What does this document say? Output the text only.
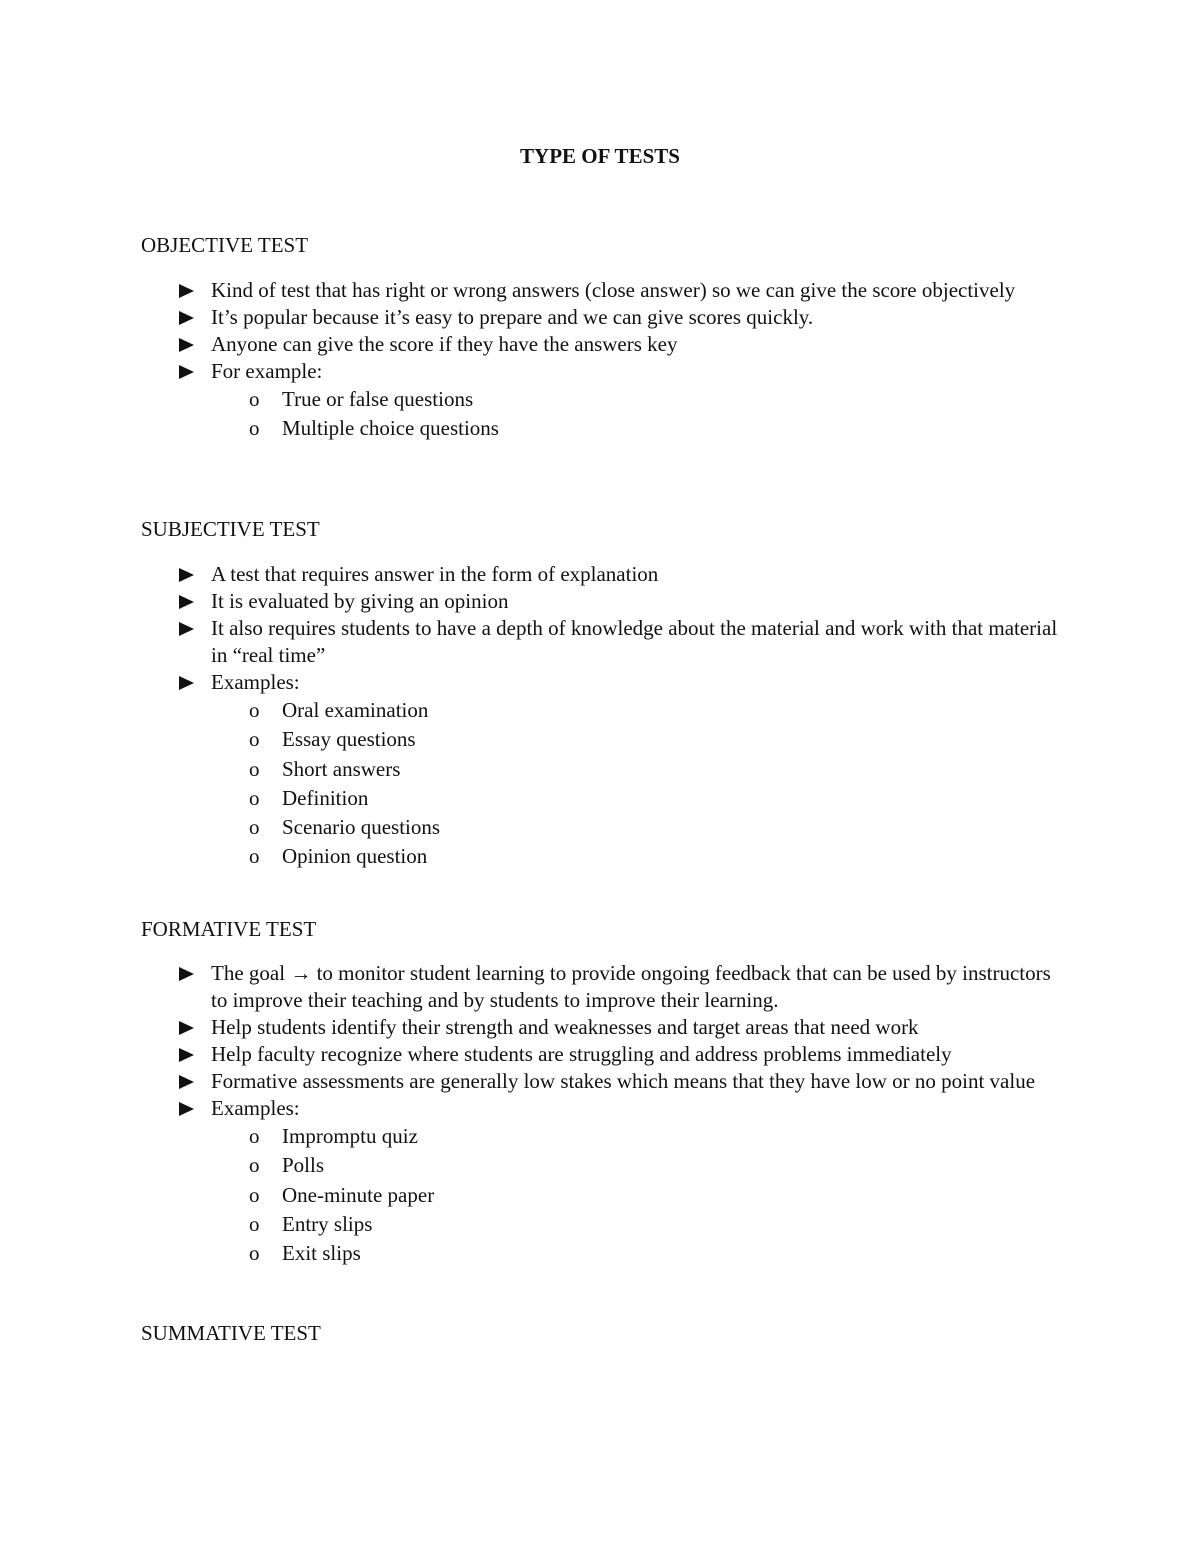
TYPE OF TESTS
OBJECTIVE TEST
Kind of test that has right or wrong answers (close answer) so we can give the score objectively
It’s popular because it’s easy to prepare and we can give scores quickly.
Anyone can give the score if they have the answers key
For example:
o True or false questions
o Multiple choice questions
SUBJECTIVE TEST
A test that requires answer in the form of explanation
It is evaluated by giving an opinion
It also requires students to have a depth of knowledge about the material and work with that material in “real time”
Examples:
o Oral examination
o Essay questions
o Short answers
o Definition
o Scenario questions
o Opinion question
FORMATIVE TEST
The goal → to monitor student learning to provide ongoing feedback that can be used by instructors to improve their teaching and by students to improve their learning.
Help students identify their strength and weaknesses and target areas that need work
Help faculty recognize where students are struggling and address problems immediately
Formative assessments are generally low stakes which means that they have low or no point value
Examples:
o Impromptu quiz
o Polls
o One-minute paper
o Entry slips
o Exit slips
SUMMATIVE TEST
